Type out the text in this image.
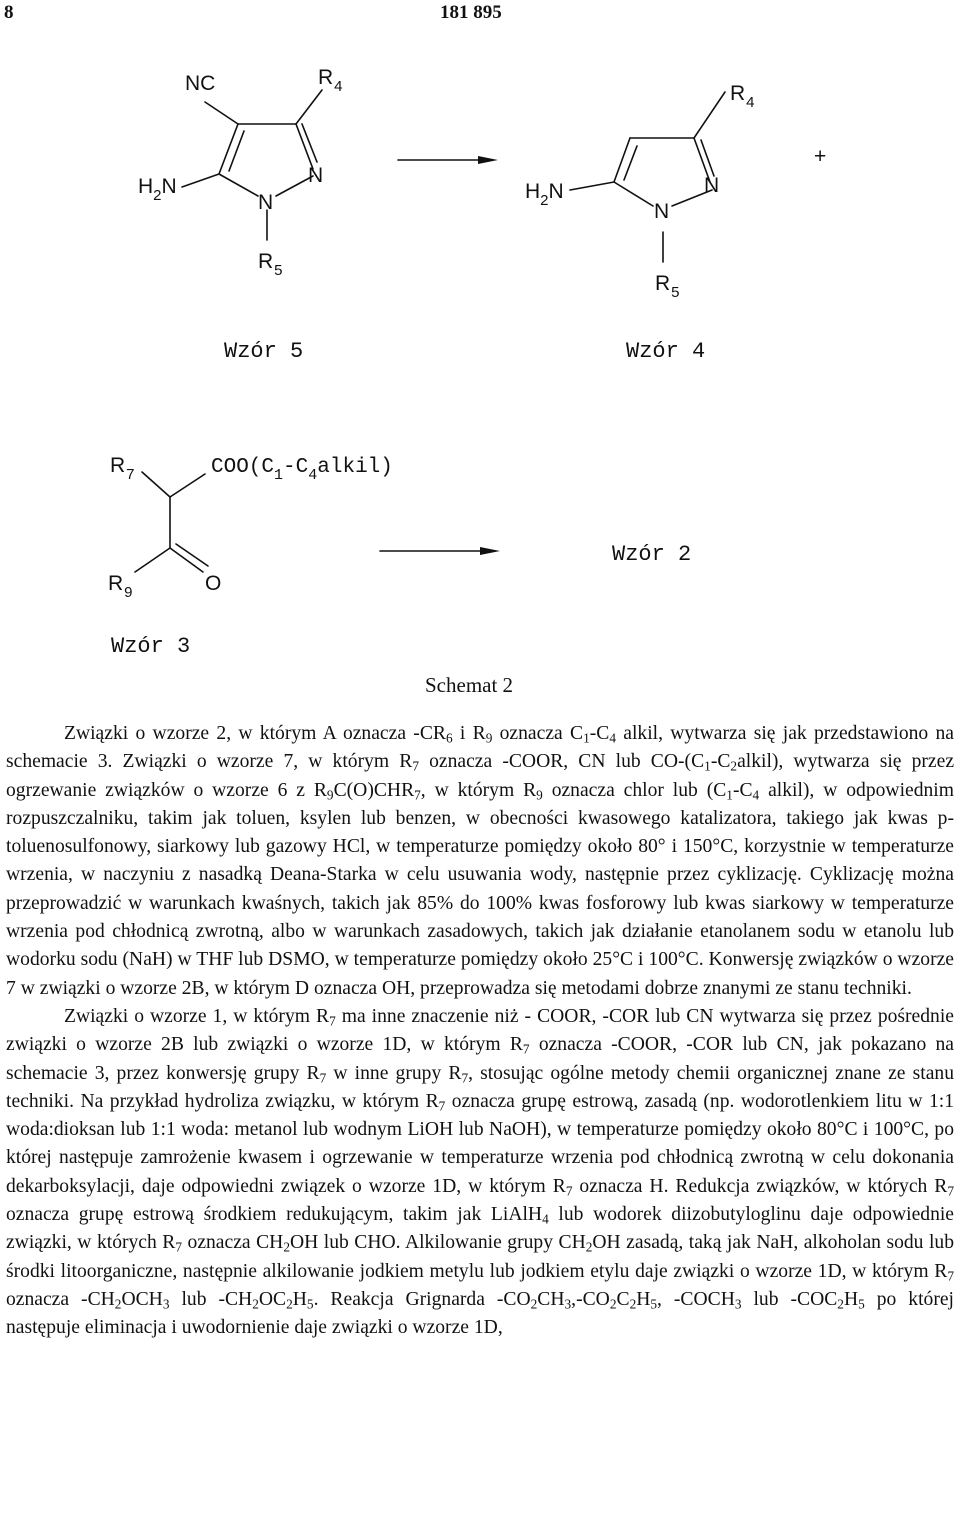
8	181 895
NC	$R_4$
$H_2N$
N
N
$R_5$
Wzór 5
$R_4$
$H_2N$
N
N
$R_5$
Wzór 4
+
$R_7$	$COO(C_1-C_4alkil)$
$R_9$	O
Wzór 3
Wzór 2
Schemat 2

Związki o wzorze 2, w którym A oznacza $-CR_6$ i $R_9$ oznacza $C_1-C_4$ alkil, wytwarza się jak przedstawiono na schemacie 3. Związki o wzorze 7, w którym $R_7$ oznacza -COOR, CN lub $CO-(C_1-C_2alkil)$, wytwarza się przez ogrzewanie związków o wzorze 6 z $R_9C(O)CHR_7$, w którym $R_9$ oznacza chlor lub ($C_1-C_4$ alkil), w odpowiednim rozpuszczalniku, takim jak toluen, ksylen lub benzen, w obecności kwasowego katalizatora, takiego jak kwas p-toluenosulfonowy, siarkowy lub gazowy HCl, w temperaturze pomiędzy około 80° i 150°C, korzystnie w temperaturze wrzenia, w naczyniu z nasadką Deana-Starka w celu usuwania wody, następnie przez cyklizację. Cyklizację można przeprowadzić w warunkach kwaśnych, takich jak 85% do 100% kwas fosforowy lub kwas siarkowy w temperaturze wrzenia pod chłodnicą zwrotną, albo w warunkach zasadowych, takich jak działanie etanolanem sodu w etanolu lub wodorku sodu (NaH) w THF lub DSMO, w temperaturze pomiędzy około 25°C i 100°C. Konwersję związków o wzorze 7 w związki o wzorze 2B, w którym D oznacza OH, przeprowadza się metodami dobrze znanymi ze stanu techniki.

Związki o wzorze 1, w którym $R_7$ ma inne znaczenie niż - COOR, -COR lub CN wytwarza się przez pośrednie związki o wzorze 2B lub związki o wzorze 1D, w którym $R_7$ oznacza -COOR, -COR lub CN, jak pokazano na schemacie 3, przez konwersję grupy $R_7$ w inne grupy $R_7$, stosując ogólne metody chemii organicznej znane ze stanu techniki. Na przykład hydroliza związku, w którym $R_7$ oznacza grupę estrową, zasadą (np. wodorotlenkiem litu w 1:1 woda:dioksan lub 1:1 woda: metanol lub wodnym LiOH lub NaOH), w temperaturze pomiędzy około 80°C i 100°C, po której następuje zamrożenie kwasem i ogrzewanie w temperaturze wrzenia pod chłodnicą zwrotną w celu dokonania dekarboksylacji, daje odpowiedni związek o wzorze 1D, w którym $R_7$ oznacza H. Redukcja związków, w których $R_7$ oznacza grupę estrową środkiem redukującym, takim jak LiAlH$_4$ lub wodorek diizobutyloglinu daje odpowiednie związki, w których $R_7$ oznacza $CH_2OH$ lub CHO. Alkilowanie grupy $CH_2OH$ zasadą, taką jak NaH, alkoholan sodu lub środki litoorganiczne, następnie alkilowanie jodkiem metylu lub jodkiem etylu daje związki o wzorze 1D, w którym $R_7$ oznacza $-CH_2OCH_3$ lub $-CH_2OC_2H_5$. Reakcja Grignarda $-CO_2CH_3,-CO_2C_2H_5$, $-COCH_3$ lub $-COC_2H_5$ po której następuje eliminacja i uwodornienie daje związki o wzorze 1D,
